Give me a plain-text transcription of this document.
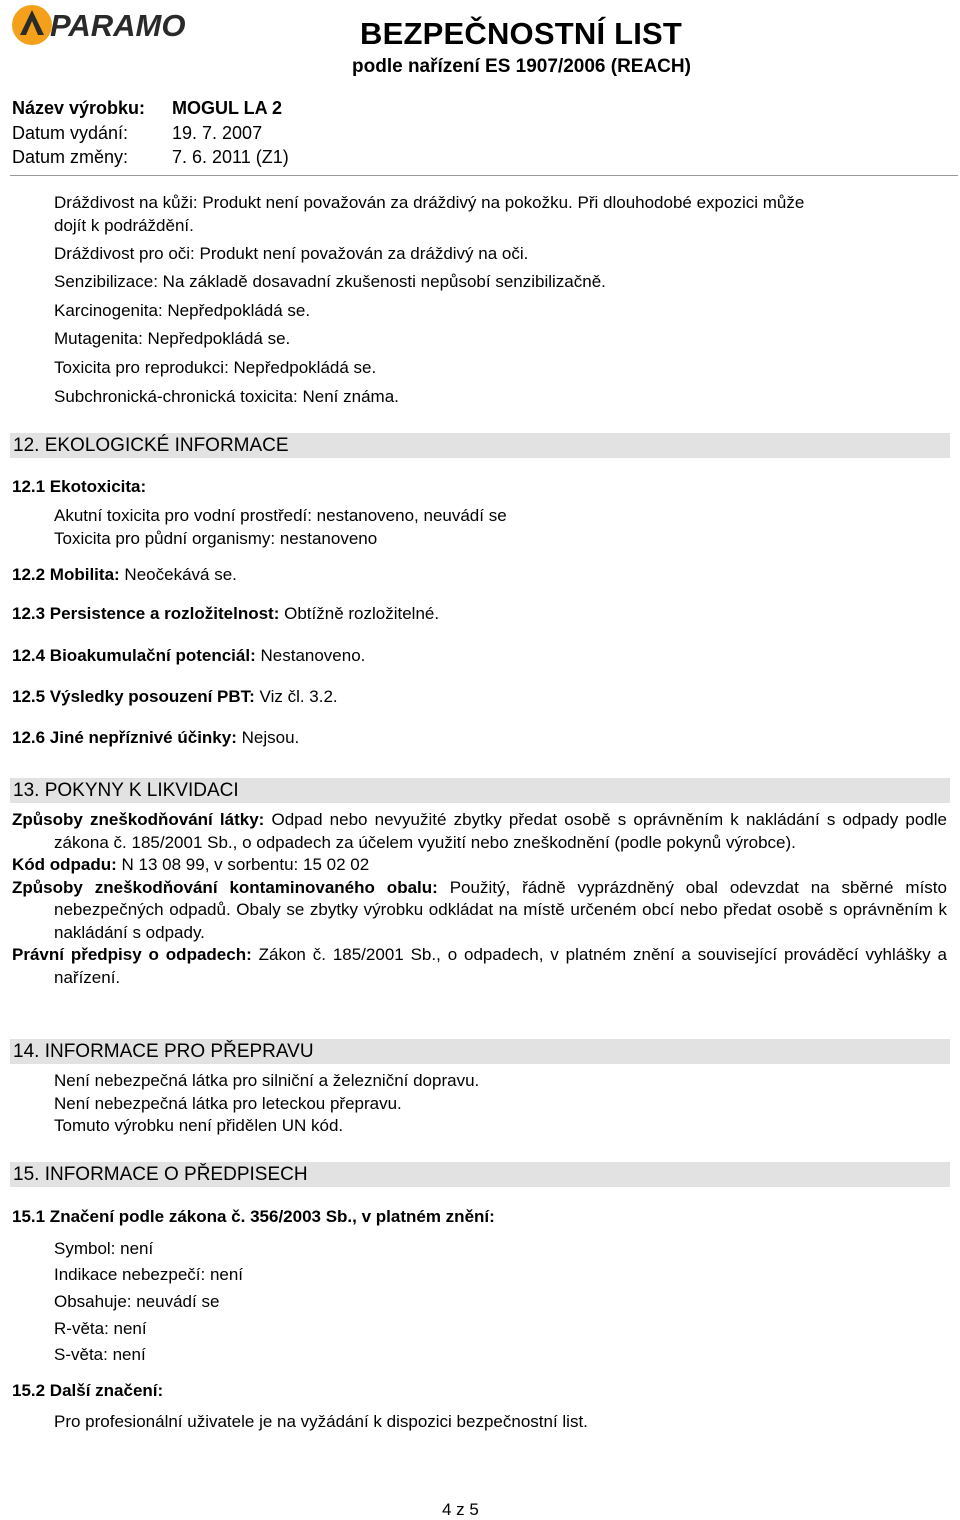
PARAMO	BEZPEČNOSTNÍ LIST
podle nařízení ES 1907/2006 (REACH)
Název výrobku: MOGUL LA 2
Datum vydání: 19. 7. 2007
Datum změny: 7. 6. 2011 (Z1)
Dráždivost na kůži: Produkt není považován za dráždivý na pokožku. Při dlouhodobé expozici může
dojít k podráždění.
Dráždivost pro oči: Produkt není považován za dráždivý na oči.
Senzibilizace: Na základě dosavadní zkušenosti nepůsobí senzibilizačně.
Karcinogenita: Nepředpokládá se.
Mutagenita: Nepředpokládá se.
Toxicita pro reprodukci: Nepředpokládá se.
Subchronická-chronická toxicita: Není známa.
12. EKOLOGICKÉ INFORMACE
12.1 Ekotoxicita:
Akutní toxicita pro vodní prostředí: nestanoveno, neuvádí se
Toxicita pro půdní organismy: nestanoveno
12.2 Mobilita: Neočekává se.
12.3 Persistence a rozložitelnost: Obtížně rozložitelné.
12.4 Bioakumulační potenciál: Nestanoveno.
12.5 Výsledky posouzení PBT: Viz čl. 3.2.
12.6 Jiné nepříznivé účinky: Nejsou.
13. POKYNY K LIKVIDACI

Způsoby zneškodňování látky: Odpad nebo nevyužité zbytky předat osobě s oprávněním k nakládání s odpady podle zákona č. 185/2001 Sb., o odpadech za účelem využití nebo zneškodnění (podle pokynů výrobce).

Kód odpadu: N 13 08 99, v sorbentu: 15 02 02

Způsoby zneškodňování kontaminovaného obalu: Použitý, řádně vyprázdněný obal odevzdat na sběrné místo nebezpečných odpadů. Obaly se zbytky výrobku odkládat na místě určeném obcí nebo předat osobě s oprávněním k nakládání s odpady.

Právní předpisy o odpadech: Zákon č. 185/2001 Sb., o odpadech, v platném znění a související prováděcí vyhlášky a nařízení.

14. INFORMACE PRO PŘEPRAVU
Není nebezpečná látka pro silniční a železniční dopravu.
Není nebezpečná látka pro leteckou přepravu.
Tomuto výrobku není přidělen UN kód.
15. INFORMACE O PŘEDPISECH
15.1 Značení podle zákona č. 356/2003 Sb., v platném znění:
Symbol: není
Indikace nebezpečí: není
Obsahuje: neuvádí se
R-věta: není
S-věta: není
15.2 Další značení:
Pro profesionální uživatele je na vyžádání k dispozici bezpečnostní list.
4 z 5
